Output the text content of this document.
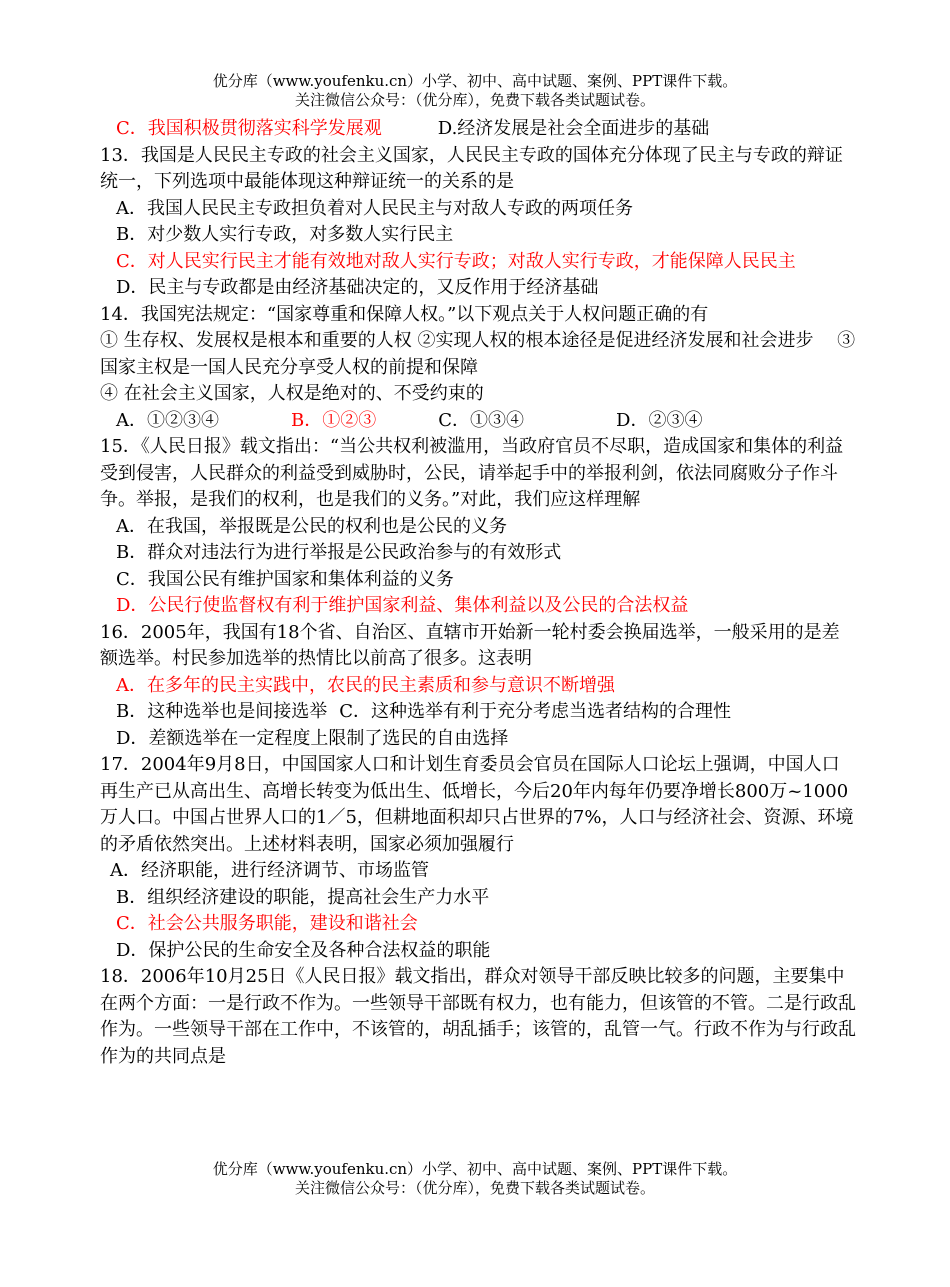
优分库（www.youfenku.cn）小学、初中、高中试题、案例、PPT课件下载。
关注微信公众号：（优分库），免费下载各类试题试卷。
C．我国积极贯彻落实科学发展观	D.经济发展是社会全面进步的基础
13．我国是人民民主专政的社会主义国家，人民民主专政的国体充分体现了民主与专政的辩证统一，下列选项中最能体现这种辩证统一的关系的是
A．我国人民民主专政担负着对人民民主与对敌人专政的两项任务
B．对少数人实行专政，对多数人实行民主
C．对人民实行民主才能有效地对敌人实行专政；对敌人实行专政，才能保障人民民主
D．民主与专政都是由经济基础决定的，又反作用于经济基础
14．我国宪法规定：“国家尊重和保障人权。”以下观点关于人权问题正确的有
① 生存权、发展权是根本和重要的人权 ②实现人权的根本途径是促进经济发展和社会进步　 ③国家主权是一国人民充分享受人权的前提和保障
④ 在社会主义国家，人权是绝对的、不受约束的
A．①②③④	B．①②③	C．①③④	D．②③④
15．《人民日报》载文指出：“当公共权利被滥用，当政府官员不尽职，造成国家和集体的利益受到侵害，人民群众的利益受到威胁时，公民，请举起手中的举报利剑，依法同腐败分子作斗争。举报，是我们的权利，也是我们的义务。”对此，我们应这样理解
A．在我国，举报既是公民的权利也是公民的义务
B．群众对违法行为进行举报是公民政治参与的有效形式
C．我国公民有维护国家和集体利益的义务
D．公民行使监督权有利于维护国家利益、集体利益以及公民的合法权益
16．2005年，我国有18个省、自治区、直辖市开始新一轮村委会换届选举，一般采用的是差额选举。村民参加选举的热情比以前高了很多。这表明
A．在多年的民主实践中，农民的民主素质和参与意识不断增强
B．这种选举也是间接选举 C．这种选举有利于充分考虑当选者结构的合理性
D．差额选举在一定程度上限制了选民的自由选择
17．2004年9月8日，中国国家人口和计划生育委员会官员在国际人口论坛上强调，中国人口再生产已从高出生、高增长转变为低出生、低增长，今后20年内每年仍要净增长800万~1000万人口。中国占世界人口的1／5，但耕地面积却只占世界的7%，人口与经济社会、资源、环境的矛盾依然突出。上述材料表明，国家必须加强履行
A．经济职能，进行经济调节、市场监管
B．组织经济建设的职能，提高社会生产力水平
C．社会公共服务职能，建设和谐社会
D．保护公民的生命安全及各种合法权益的职能
18．2006年10月25日《人民日报》载文指出，群众对领导干部反映比较多的问题，主要集中在两个方面：一是行政不作为。一些领导干部既有权力，也有能力，但该管的不管。二是行政乱作为。一些领导干部在工作中，不该管的，胡乱插手；该管的，乱管一气。行政不作为与行政乱作为的共同点是
优分库（www.youfenku.cn）小学、初中、高中试题、案例、PPT课件下载。
关注微信公众号：（优分库），免费下载各类试题试卷。
